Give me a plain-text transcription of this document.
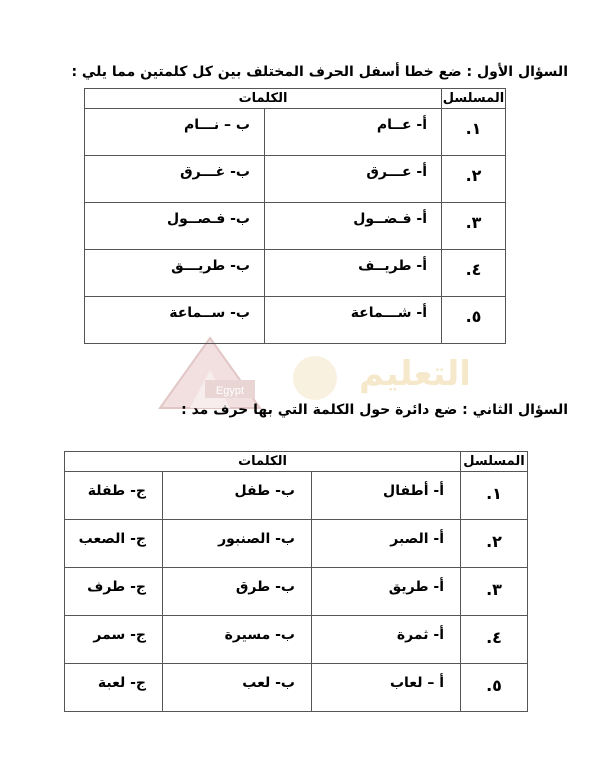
Egypt	التعليم
السؤال الأول : ضع خطا أسفل الحرف المختلف بين كل كلمتين مما يلي :
المسلسل	الكلمات	

١.	أ- عــام	ب – نـــام

٢.	أ- عـــرق	ب- غـــرق

٣.	أ- فـضــول	ب- فـصــول

٤.	أ- طريــف	ب- طريـــق

٥.	أ- شـــماعة	ب- ســماعة
السؤال الثاني : ضع دائرة حول الكلمة التي بها حرف مد :
المسلسل	الكلمات		

١.	أ- أطفال	ب- طفل	ج- طفلة

٢.	أ- الصبر	ب- الصنبور	ج- الصعب

٣.	أ- طريق	ب- طرق	ج- طرف

٤.	أ- ثمرة	ب- مسيرة	ج- سمر

٥.	أ – لعاب	ب- لعب	ج- لعبة
